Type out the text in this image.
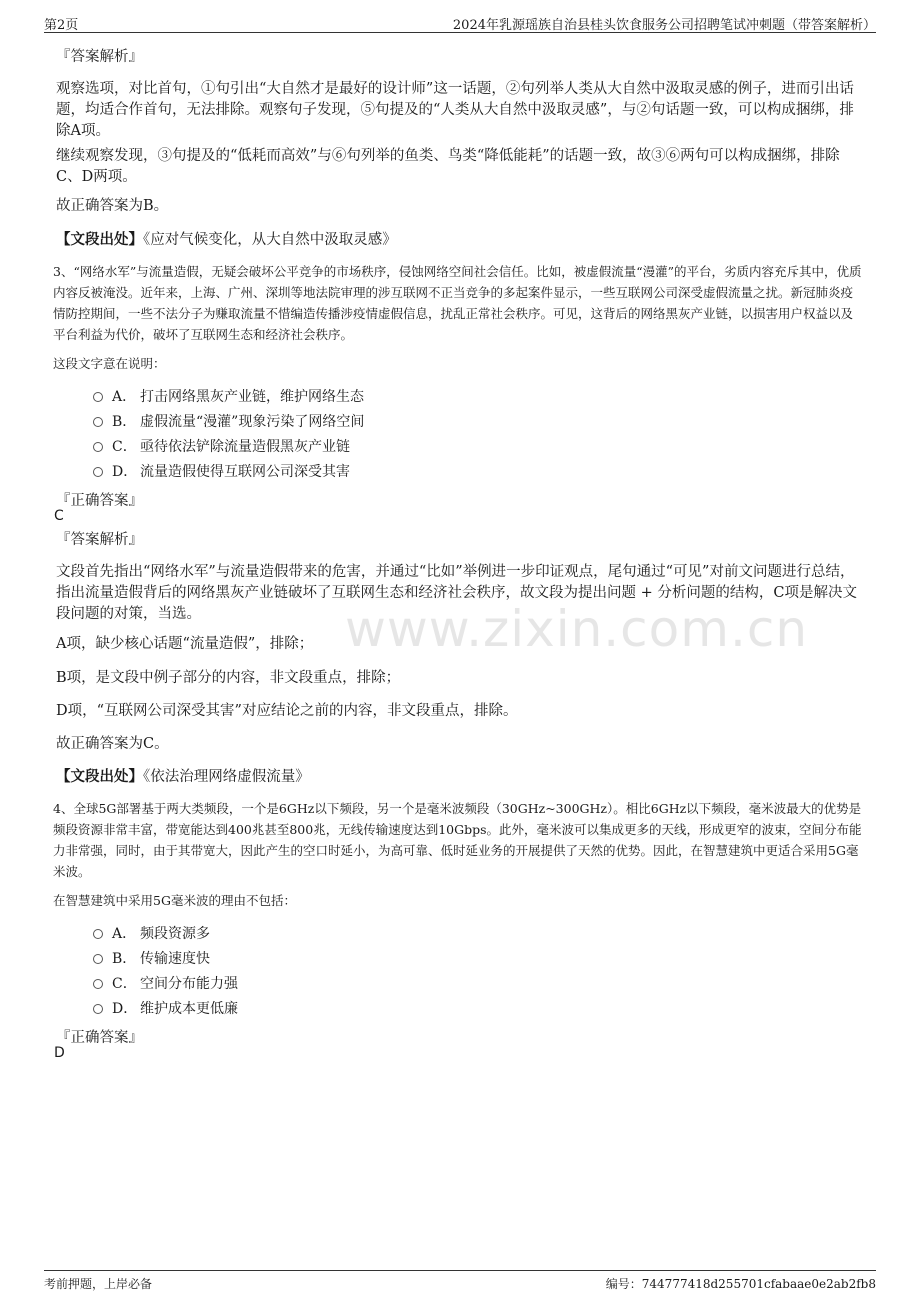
第2页	2024年乳源瑶族自治县桂头饮食服务公司招聘笔试冲刺题（带答案解析）
www.zixin.com.cn
『答案解析』
观察选项，对比首句，①句引出“大自然才是最好的设计师”这一话题，②句列举人类从大自然中汲取灵感的例子，进而引出话题，均适合作首句，无法排除。观察句子发现，⑤句提及的“人类从大自然中汲取灵感”，与②句话题一致，可以构成捆绑，排除A项。
继续观察发现，③句提及的“低耗而高效”与⑥句列举的鱼类、鸟类“降低能耗”的话题一致，故③⑥两句可以构成捆绑，排除C、D两项。
故正确答案为B。
【文段出处】《应对气候变化，从大自然中汲取灵感》
3、“网络水军”与流量造假，无疑会破坏公平竞争的市场秩序，侵蚀网络空间社会信任。比如，被虚假流量“漫灌”的平台，劣质内容充斥其中，优质内容反被淹没。近年来，上海、广州、深圳等地法院审理的涉互联网不正当竞争的多起案件显示，一些互联网公司深受虚假流量之扰。新冠肺炎疫情防控期间，一些不法分子为赚取流量不惜编造传播涉疫情虚假信息，扰乱正常社会秩序。可见，这背后的网络黑灰产业链，以损害用户权益以及平台利益为代价，破坏了互联网生态和经济社会秩序。
这段文字意在说明：
A． 打击网络黑灰产业链，维护网络生态
B． 虚假流量“漫灌”现象污染了网络空间
C． 亟待依法铲除流量造假黑灰产业链
D． 流量造假使得互联网公司深受其害
『正确答案』
C
『答案解析』
文段首先指出“网络水军”与流量造假带来的危害，并通过“比如”举例进一步印证观点，尾句通过“可见”对前文问题进行总结，指出流量造假背后的网络黑灰产业链破坏了互联网生态和经济社会秩序，故文段为提出问题 + 分析问题的结构，C项是解决文段问题的对策，当选。
A项，缺少核心话题“流量造假”，排除；
B项，是文段中例子部分的内容，非文段重点，排除；
D项，“互联网公司深受其害”对应结论之前的内容，非文段重点，排除。
故正确答案为C。
【文段出处】《依法治理网络虚假流量》
4、全球5G部署基于两大类频段，一个是6GHz以下频段，另一个是毫米波频段（30GHz~300GHz）。相比6GHz以下频段，毫米波最大的优势是频段资源非常丰富，带宽能达到400兆甚至800兆，无线传输速度达到10Gbps。此外，毫米波可以集成更多的天线，形成更窄的波束，空间分布能力非常强，同时，由于其带宽大，因此产生的空口时延小，为高可靠、低时延业务的开展提供了天然的优势。因此，在智慧建筑中更适合采用5G毫米波。
在智慧建筑中采用5G毫米波的理由不包括：
A． 频段资源多
B． 传输速度快
C． 空间分布能力强
D． 维护成本更低廉
『正确答案』
D
考前押题，上岸必备	编号：744777418d255701cfabaae0e2ab2fb8
